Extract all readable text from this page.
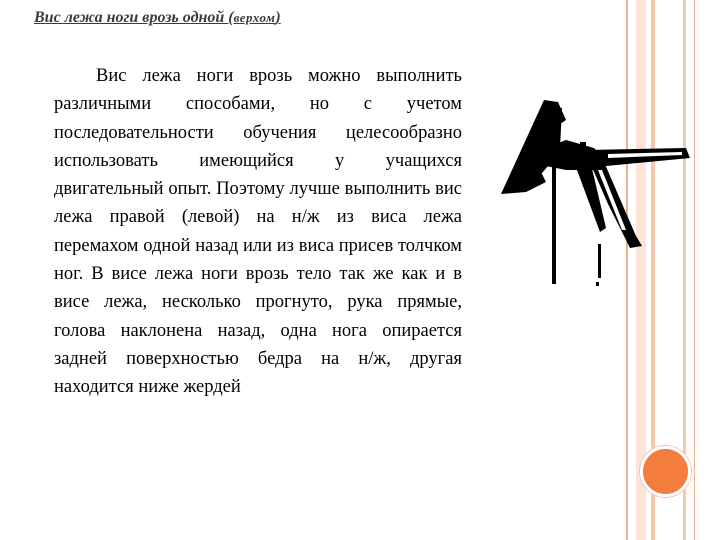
Вис лежа ноги врозь одной (верхом)

Вис лежа ноги врозь можно выполнить различными способами, но с учетом последовательности обучения целесообразно использовать имеющийся у учащихся двигательный опыт. Поэтому лучше выполнить вис лежа правой (левой) на н/ж из виса лежа перемахом одной назад или из виса присев толчком ног. В висе лежа ноги врозь тело так же как и в висе лежа, несколько прогнуто, рука прямые, голова наклонена назад, одна нога опирается задней поверхностью бедра на н/ж, другая находится ниже жердей
